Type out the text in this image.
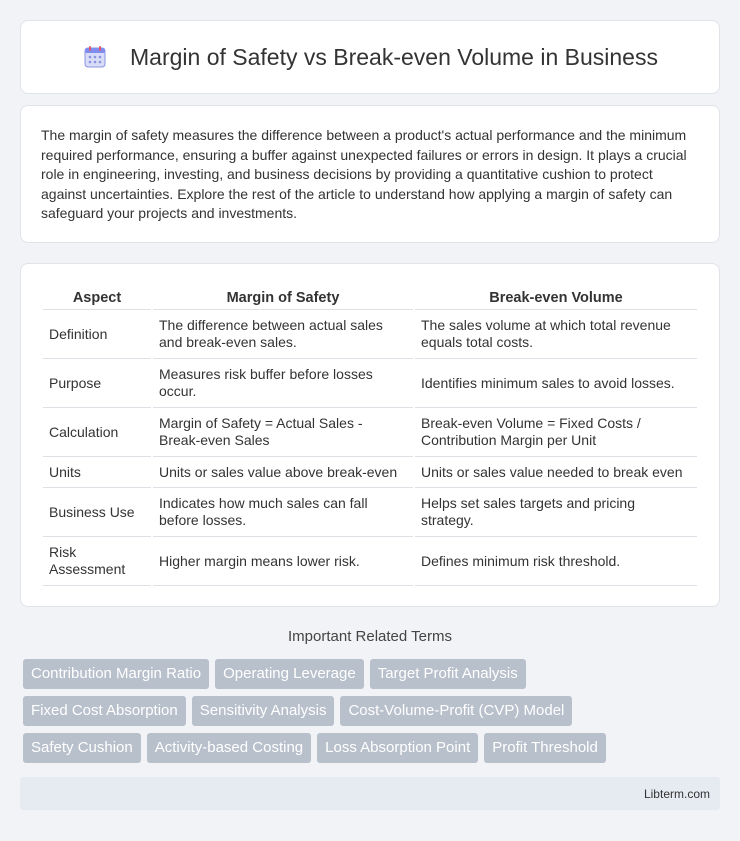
Margin of Safety vs Break-even Volume in Business

The margin of safety measures the difference between a product's actual performance and the minimum required performance, ensuring a buffer against unexpected failures or errors in design. It plays a crucial role in engineering, investing, and business decisions by providing a quantitative cushion to protect against uncertainties. Explore the rest of the article to understand how applying a margin of safety can safeguard your projects and investments.

Aspect	Margin of Safety	Break-even Volume
Definition	The difference between actual sales and break-even sales.	The sales volume at which total revenue equals total costs.
Purpose	Measures risk buffer before losses occur.	Identifies minimum sales to avoid losses.
Calculation	Margin of Safety = Actual Sales - Break-even Sales	Break-even Volume = Fixed Costs / Contribution Margin per Unit
Units	Units or sales value above break-even	Units or sales value needed to break even
Business Use	Indicates how much sales can fall before losses.	Helps set sales targets and pricing strategy.
Risk Assessment	Higher margin means lower risk.	Defines minimum risk threshold.
Important Related Terms
Contribution Margin Ratio	Operating Leverage	Target Profit Analysis
Fixed Cost Absorption	Sensitivity Analysis	Cost-Volume-Profit (CVP) Model
Safety Cushion	Activity-based Costing	Loss Absorption Point	Profit Threshold
Libterm.com
